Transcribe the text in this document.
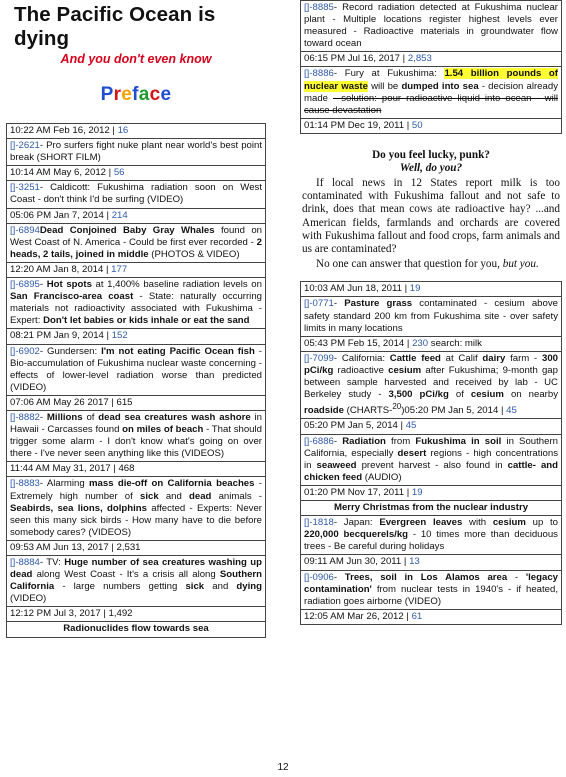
The Pacific Ocean is dying
And you don't even know
Preface
10:22 AM Feb 16, 2012 | 16
[]-2621- Pro surfers fight nuke plant near world's best point break (SHORT FILM)
10:14 AM May 6, 2012 | 56
[]-3251- Caldicott: Fukushima radiation soon on West Coast - don't think I'd be surfing (VIDEO)
05:06 PM Jan 7, 2014 | 214
[]-6894Dead Conjoined Baby Gray Whales found on West Coast of N. America - Could be first ever recorded - 2 heads, 2 tails, joined in middle (PHOTOS & VIDEO)
12:20 AM Jan 8, 2014 | 177
[]-6895- Hot spots at 1,400% baseline radiation levels on San Francisco-area coast - State: naturally occurring materials not radioactivity associated with Fukushima - Expert: Don't let babies or kids inhale or eat the sand
08:21 PM Jan 9, 2014 | 152
[]-6902- Gundersen: I'm not eating Pacific Ocean fish - Bio-accumulation of Fukushima nuclear waste concerning - effects of lower-level radiation worse than predicted (VIDEO)
07:06 AM May 26 2017 | 615
[]-8882- Millions of dead sea creatures wash ashore in Hawaii - Carcasses found on miles of beach - That should trigger some alarm - I don't know what's going on over there - I've never seen anything like this (VIDEOS)
11:44 AM May 31, 2017 | 468
[]-8883- Alarming mass die-off on California beaches - Extremely high number of sick and dead animals - Seabirds, sea lions, dolphins affected - Experts: Never seen this many sick birds - How many have to die before somebody cares? (VIDEOS)
09:53 AM Jun 13, 2017 | 2,531
[]-8884- TV: Huge number of sea creatures washing up dead along West Coast - It's a crisis all along Southern California - large numbers getting sick and dying (VIDEO)
12:12 PM Jul 3, 2017 | 1,492
Radionuclides flow towards sea
[]-8885- Record radiation detected at Fukushima nuclear plant - Multiple locations register highest levels ever measured - Radioactive materials in groundwater flow toward ocean
06:15 PM Jul 16, 2017 | 2,853
[]-8886- Fury at Fukushima: 1.54 billion pounds of nuclear waste will be dumped into sea - decision already made - solution: pour radioactive liquid into ocean - will cause devastation
01:14 PM Dec 19, 2011 | 50
Do you feel lucky, punk?
Well, do you?

If local news in 12 States report milk is too contaminated with Fukushima fallout and not safe to drink, does that mean cows ate radioactive hay? ...and American fields, farmlands and orchards are covered with Fukushima fallout and food crops, farm animals and us are contaminated?

No one can answer that question for you, but you.

10:03 AM Jun 18, 2011 | 19
[]-0771- Pasture grass contaminated - cesium above safety standard 200 km from Fukushima site - over safety limits in many locations
05:43 PM Feb 15, 2014 | 230 search: milk
[]-7099- California: Cattle feed at Calif dairy farm - 300 pCi/kg radioactive cesium after Fukushima; 9-month gap between sample harvested and received by lab - UC Berkeley study - 3,500 pCi/kg of cesium on nearby roadside (CHARTS-$^{20}$)05:20 PM Jan 5, 2014 | 45
05:20 PM Jan 5, 2014 | 45
[]-6886- Radiation from Fukushima in soil in Southern California, especially desert regions - high concentrations in seaweed prevent harvest - also found in cattle- and chicken feed (AUDIO)
01:20 PM Nov 17, 2011 | 19
Merry Christmas from the nuclear industry
[]-1818- Japan: Evergreen leaves with cesium up to 220,000 becquerels/kg - 10 times more than deciduous trees - Be careful during holidays
09:11 AM Jun 30, 2011 | 13
[]-0906- Trees, soil in Los Alamos area - 'legacy contamination' from nuclear tests in 1940's - if heated, radiation goes airborne (VIDEO)
12:05 AM Mar 26, 2012 | 61
12
